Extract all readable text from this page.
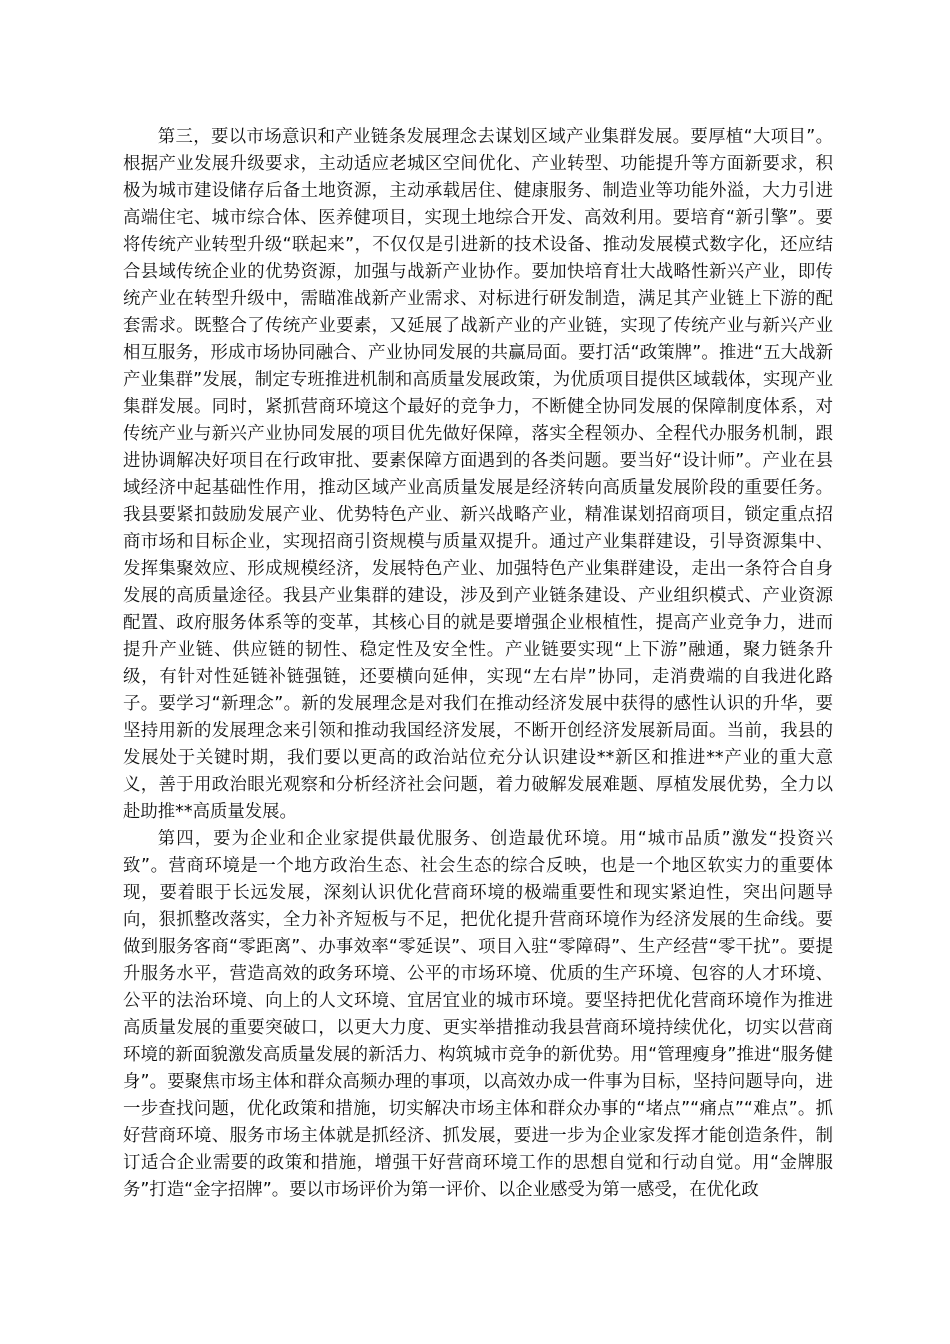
第三，要以市场意识和产业链条发展理念去谋划区域产业集群发展。要厚植“大项目”。根据产业发展升级要求，主动适应老城区空间优化、产业转型、功能提升等方面新要求，积极为城市建设储存后备土地资源，主动承载居住、健康服务、制造业等功能外溢，大力引进高端住宅、城市综合体、医养健项目，实现土地综合开发、高效利用。要培育“新引擎”。要将传统产业转型升级“联起来”，不仅仅是引进新的技术设备、推动发展模式数字化，还应结合县域传统企业的优势资源，加强与战新产业协作。要加快培育壮大战略性新兴产业，即传统产业在转型升级中，需瞄准战新产业需求、对标进行研发制造，满足其产业链上下游的配套需求。既整合了传统产业要素，又延展了战新产业的产业链，实现了传统产业与新兴产业相互服务，形成市场协同融合、产业协同发展的共赢局面。要打活“政策牌”。推进“五大战新产业集群”发展，制定专班推进机制和高质量发展政策，为优质项目提供区域载体，实现产业集群发展。同时，紧抓营商环境这个最好的竞争力，不断健全协同发展的保障制度体系，对传统产业与新兴产业协同发展的项目优先做好保障，落实全程领办、全程代办服务机制，跟进协调解决好项目在行政审批、要素保障方面遇到的各类问题。要当好“设计师”。产业在县域经济中起基础性作用，推动区域产业高质量发展是经济转向高质量发展阶段的重要任务。我县要紧扣鼓励发展产业、优势特色产业、新兴战略产业，精准谋划招商项目，锁定重点招商市场和目标企业，实现招商引资规模与质量双提升。通过产业集群建设，引导资源集中、发挥集聚效应、形成规模经济，发展特色产业、加强特色产业集群建设，走出一条符合自身发展的高质量途径。我县产业集群的建设，涉及到产业链条建设、产业组织模式、产业资源配置、政府服务体系等的变革，其核心目的就是要增强企业根植性，提高产业竞争力，进而提升产业链、供应链的韧性、稳定性及安全性。产业链要实现“上下游”融通，聚力链条升级，有针对性延链补链强链，还要横向延伸，实现“左右岸”协同，走消费端的自我进化路子。要学习“新理念”。新的发展理念是对我们在推动经济发展中获得的感性认识的升华，要坚持用新的发展理念来引领和推动我国经济发展，不断开创经济发展新局面。当前，我县的发展处于关键时期，我们要以更高的政治站位充分认识建设**新区和推进**产业的重大意义，善于用政治眼光观察和分析经济社会问题，着力破解发展难题、厚植发展优势，全力以赴助推**高质量发展。

第四，要为企业和企业家提供最优服务、创造最优环境。用“城市品质”激发“投资兴致”。营商环境是一个地方政治生态、社会生态的综合反映，也是一个地区软实力的重要体现，要着眼于长远发展，深刻认识优化营商环境的极端重要性和现实紧迫性，突出问题导向，狠抓整改落实，全力补齐短板与不足，把优化提升营商环境作为经济发展的生命线。要做到服务客商“零距离”、办事效率“零延误”、项目入驻“零障碍”、生产经营“零干扰”。要提升服务水平，营造高效的政务环境、公平的市场环境、优质的生产环境、包容的人才环境、公平的法治环境、向上的人文环境、宜居宜业的城市环境。要坚持把优化营商环境作为推进高质量发展的重要突破口，以更大力度、更实举措推动我县营商环境持续优化，切实以营商环境的新面貌激发高质量发展的新活力、构筑城市竞争的新优势。用“管理瘦身”推进“服务健身”。要聚焦市场主体和群众高频办理的事项，以高效办成一件事为目标，坚持问题导向，进一步查找问题，优化政策和措施，切实解决市场主体和群众办事的“堵点”“痛点”“难点”。抓好营商环境、服务市场主体就是抓经济、抓发展，要进一步为企业家发挥才能创造条件，制订适合企业需要的政策和措施，增强干好营商环境工作的思想自觉和行动自觉。用“金牌服务”打造“金字招牌”。要以市场评价为第一评价、以企业感受为第一感受，在优化政
